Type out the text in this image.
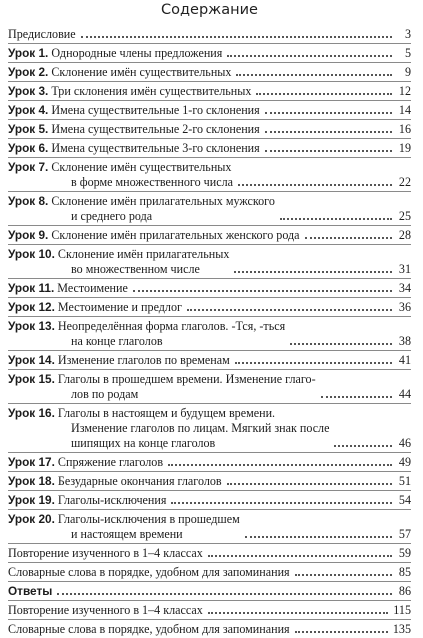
Содержание
Предисловие	3
Урок 1. Однородные члены предложения	5
Урок 2. Склонение имён существительных	9
Урок 3. Три склонения имён существительных	12
Урок 4. Имена существительные 1-го склонения	14
Урок 5. Имена существительные 2-го склонения	16
Урок 6. Имена существительные 3-го склонения	19
Урок 7. Склонение имён существительных
в форме множественного числа	22
Урок 8. Склонение имён прилагательных мужского
и среднего рода	25
Урок 9. Склонение имён прилагательных женского рода	28
Урок 10. Склонение имён прилагательных
во множественном числе	31
Урок 11. Местоимение	34
Урок 12. Местоимение и предлог	36
Урок 13. Неопределённая форма глаголов. -Тся, -ться
на конце глаголов	38
Урок 14. Изменение глаголов по временам	41
Урок 15. Глаголы в прошедшем времени. Изменение глаго-
лов по родам	44
Урок 16. Глаголы в настоящем и будущем времени.
Изменение глаголов по лицам. Мягкий знак после
шипящих на конце глаголов	46
Урок 17. Спряжение глаголов	49
Урок 18. Безударные окончания глаголов	51
Урок 19. Глаголы-исключения	54
Урок 20. Глаголы-исключения в прошедшем
и настоящем времени	57
Повторение изученного в 1–4 классах	59
Словарные слова в порядке, удобном для запоминания	85
Ответы	86
Повторение изученного в 1–4 классах	115
Словарные слова в порядке, удобном для запоминания	135
